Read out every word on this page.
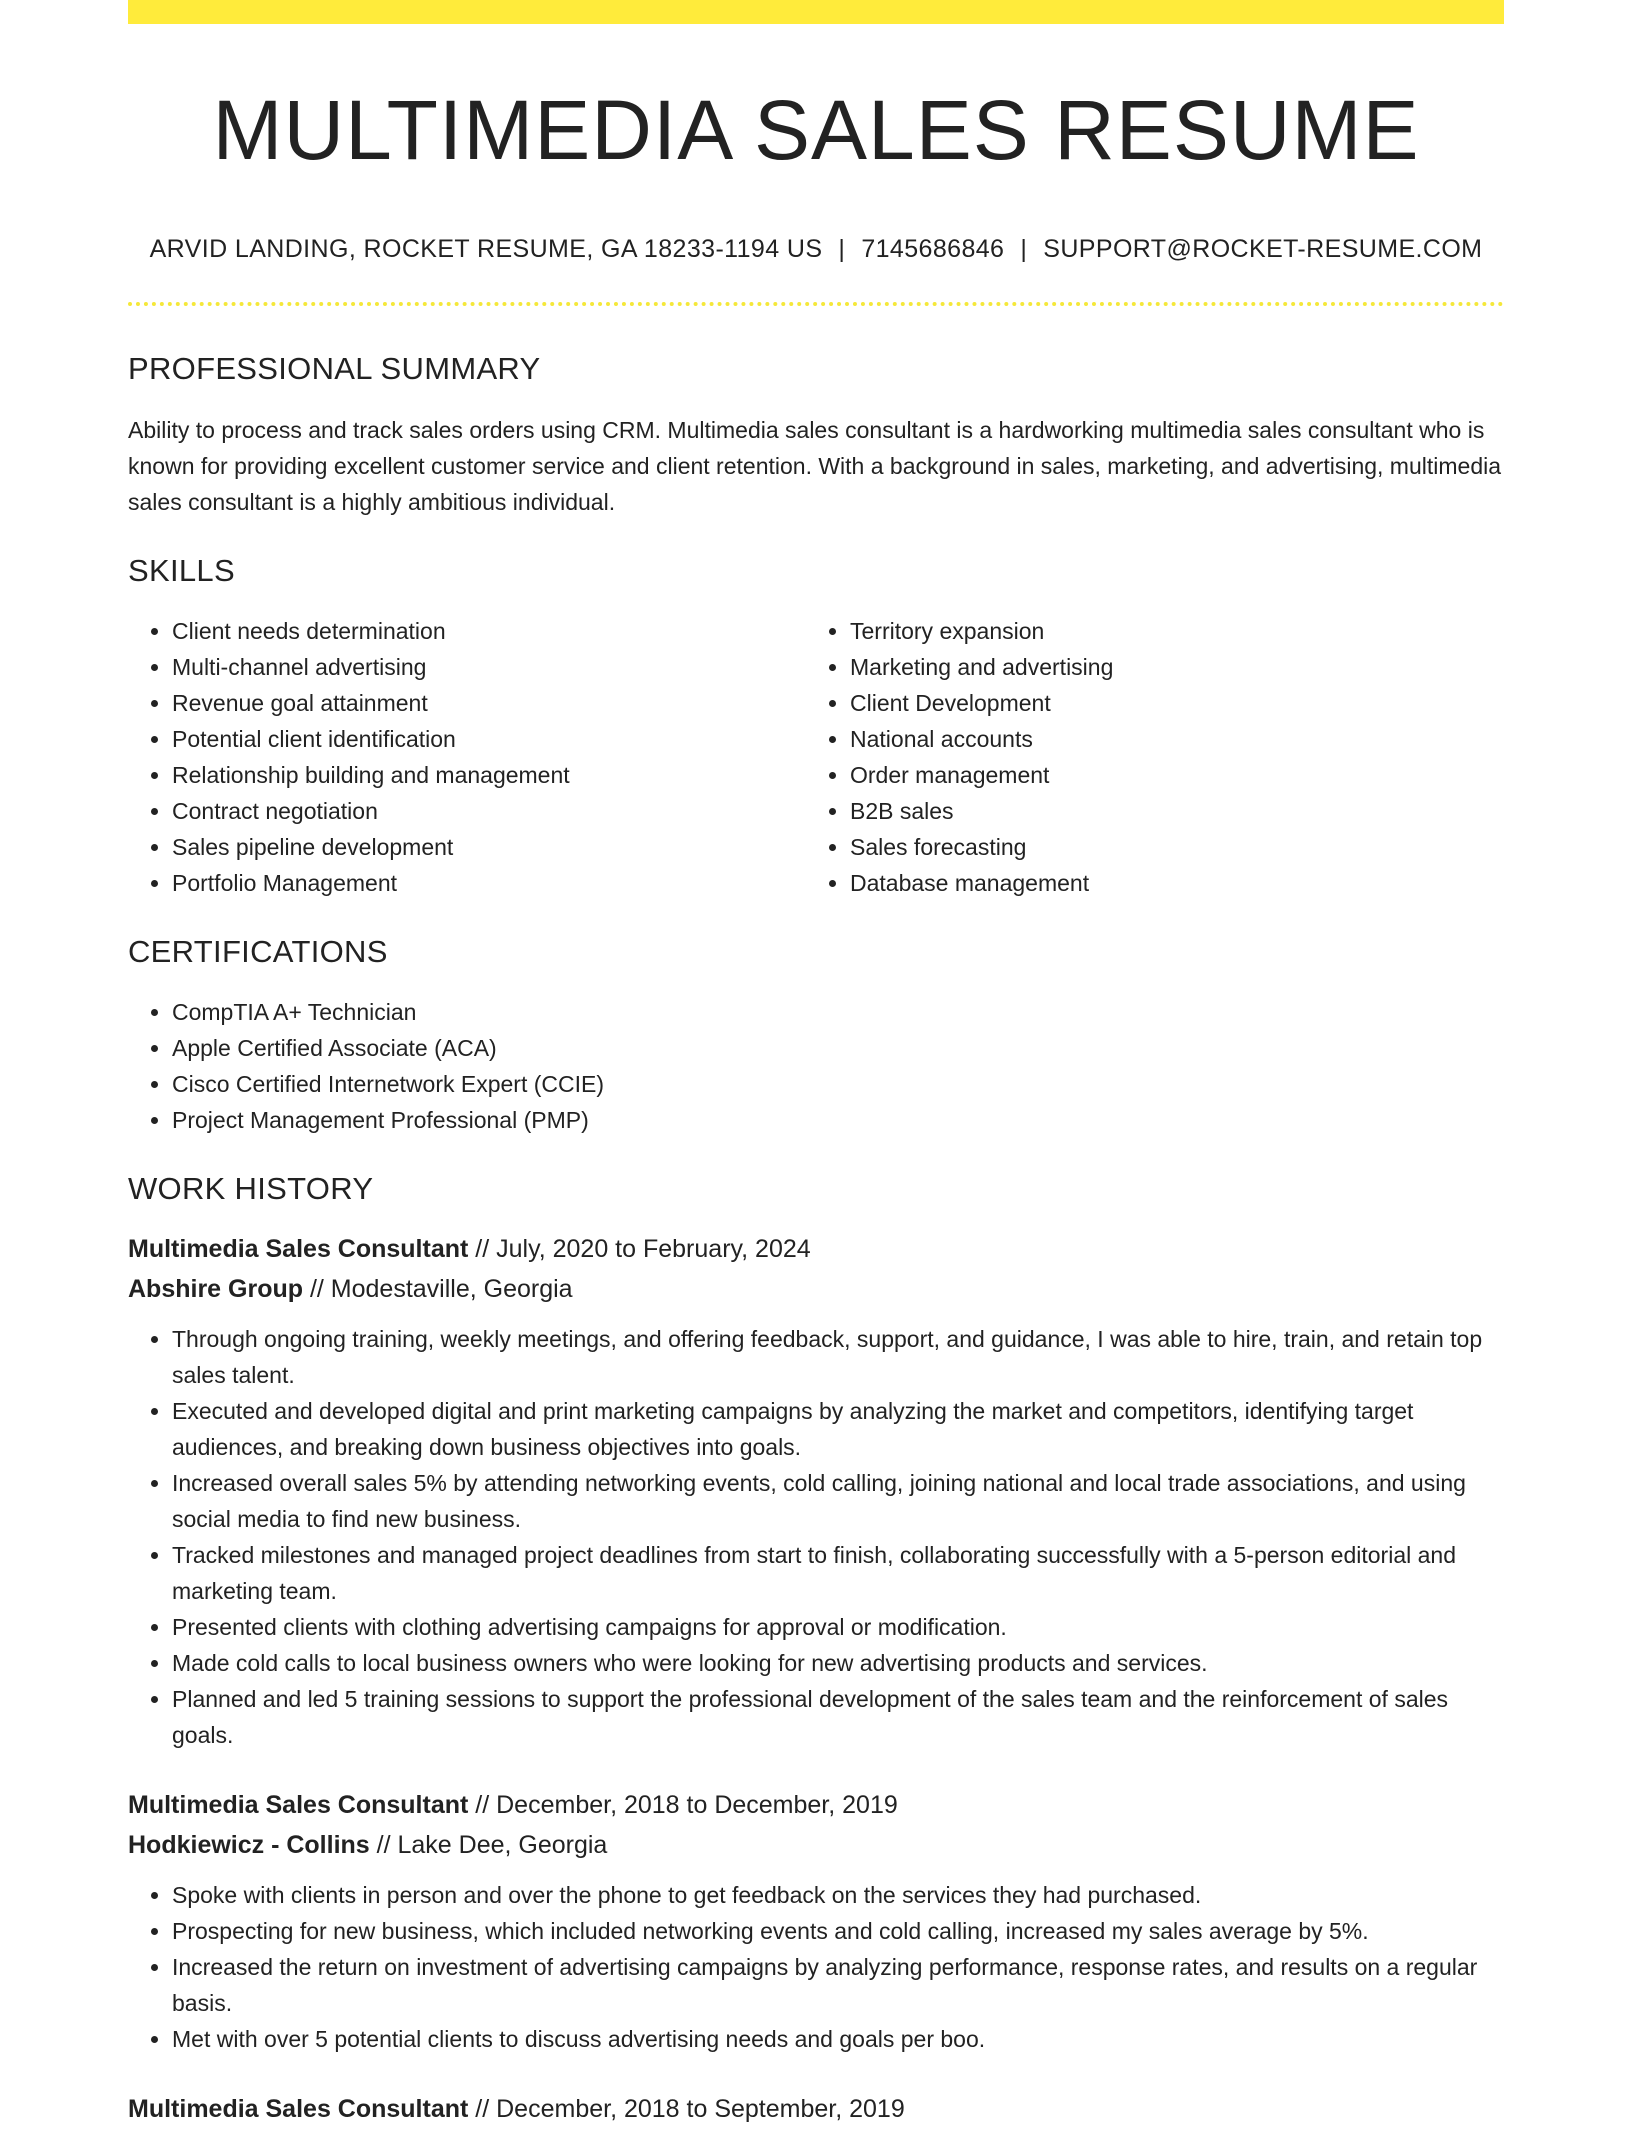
MULTIMEDIA SALES RESUME
ARVID LANDING, ROCKET RESUME, GA 18233-1194 US | 7145686846 | SUPPORT@ROCKET-RESUME.COM
PROFESSIONAL SUMMARY

Ability to process and track sales orders using CRM. Multimedia sales consultant is a hardworking multimedia sales consultant who is known for providing excellent customer service and client retention. With a background in sales, marketing, and advertising, multimedia sales consultant is a highly ambitious individual.

SKILLS
• Client needs determination
• Multi-channel advertising
• Revenue goal attainment
• Potential client identification
• Relationship building and management
• Contract negotiation
• Sales pipeline development
• Portfolio Management
• Territory expansion
• Marketing and advertising
• Client Development
• National accounts
• Order management
• B2B sales
• Sales forecasting
• Database management
CERTIFICATIONS
• CompTIA A+ Technician
• Apple Certified Associate (ACA)
• Cisco Certified Internetwork Expert (CCIE)
• Project Management Professional (PMP)
WORK HISTORY
Multimedia Sales Consultant // July, 2020 to February, 2024
Abshire Group // Modestaville, Georgia
• Through ongoing training, weekly meetings, and offering feedback, support, and guidance, I was able to hire, train, and retain top sales talent.
• Executed and developed digital and print marketing campaigns by analyzing the market and competitors, identifying target audiences, and breaking down business objectives into goals.
• Increased overall sales 5% by attending networking events, cold calling, joining national and local trade associations, and using social media to find new business.
• Tracked milestones and managed project deadlines from start to finish, collaborating successfully with a 5-person editorial and marketing team.
• Presented clients with clothing advertising campaigns for approval or modification.
• Made cold calls to local business owners who were looking for new advertising products and services.
• Planned and led 5 training sessions to support the professional development of the sales team and the reinforcement of sales goals.
Multimedia Sales Consultant // December, 2018 to December, 2019
Hodkiewicz - Collins // Lake Dee, Georgia
• Spoke with clients in person and over the phone to get feedback on the services they had purchased.
• Prospecting for new business, which included networking events and cold calling, increased my sales average by 5%.
• Increased the return on investment of advertising campaigns by analyzing performance, response rates, and results on a regular basis.
• Met with over 5 potential clients to discuss advertising needs and goals per boo.
Multimedia Sales Consultant // December, 2018 to September, 2019
